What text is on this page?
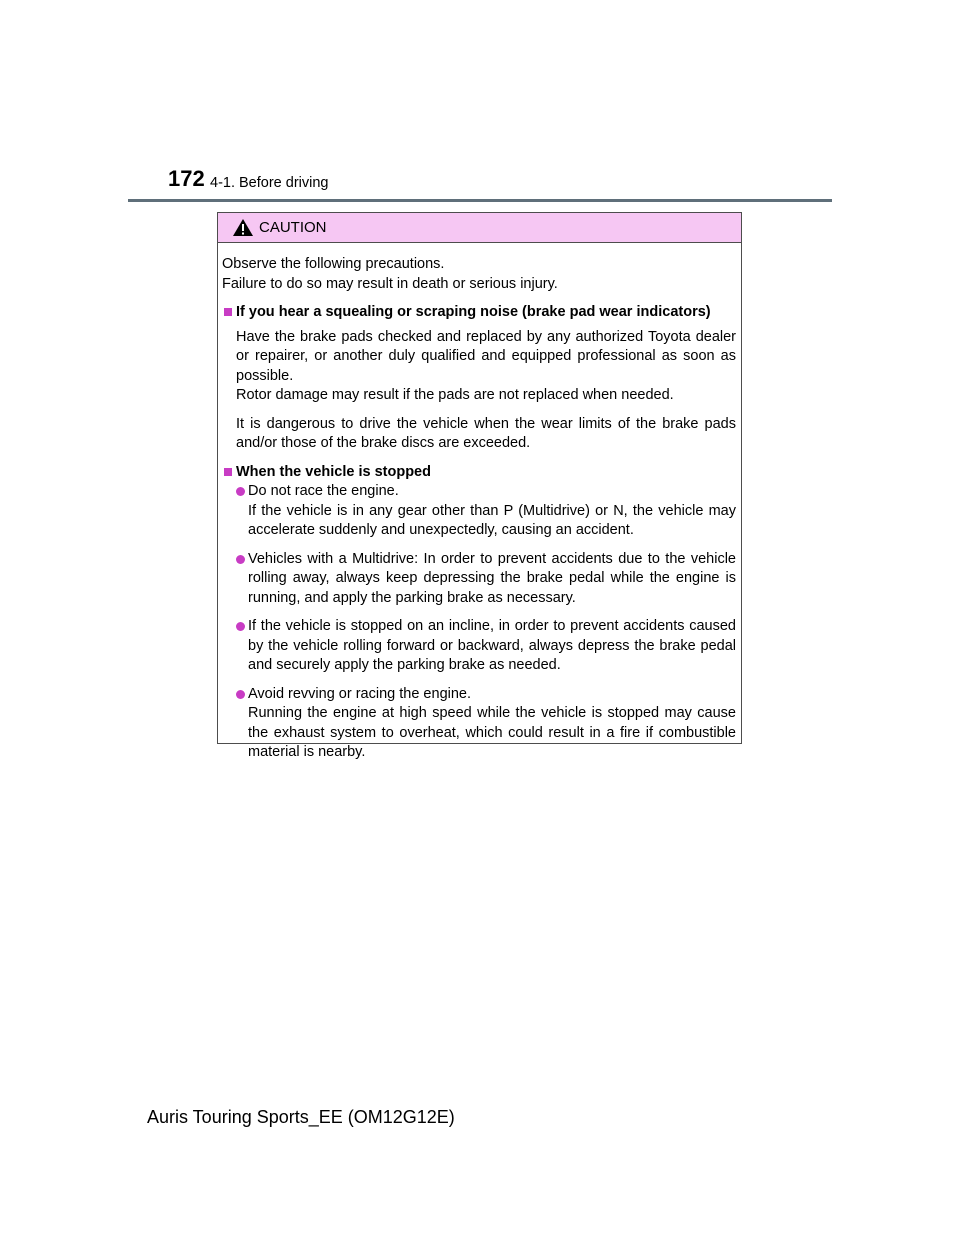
172 4-1. Before driving
CAUTION

Observe the following precautions.

Failure to do so may result in death or serious injury.

If you hear a squealing or scraping noise (brake pad wear indicators)
Have the brake pads checked and replaced by any authorized Toyota dealer or repairer, or another duly qualified and equipped professional as soon as possible.
Rotor damage may result if the pads are not replaced when needed.
It is dangerous to drive the vehicle when the wear limits of the brake pads and/or those of the brake discs are exceeded.
When the vehicle is stopped
Do not race the engine.
If the vehicle is in any gear other than P (Multidrive) or N, the vehicle may accelerate suddenly and unexpectedly, causing an accident.
Vehicles with a Multidrive: In order to prevent accidents due to the vehicle rolling away, always keep depressing the brake pedal while the engine is running, and apply the parking brake as necessary.
If the vehicle is stopped on an incline, in order to prevent accidents caused by the vehicle rolling forward or backward, always depress the brake pedal and securely apply the parking brake as needed.
Avoid revving or racing the engine.
Running the engine at high speed while the vehicle is stopped may cause the exhaust system to overheat, which could result in a fire if combustible material is nearby.
Auris Touring Sports_EE (OM12G12E)
